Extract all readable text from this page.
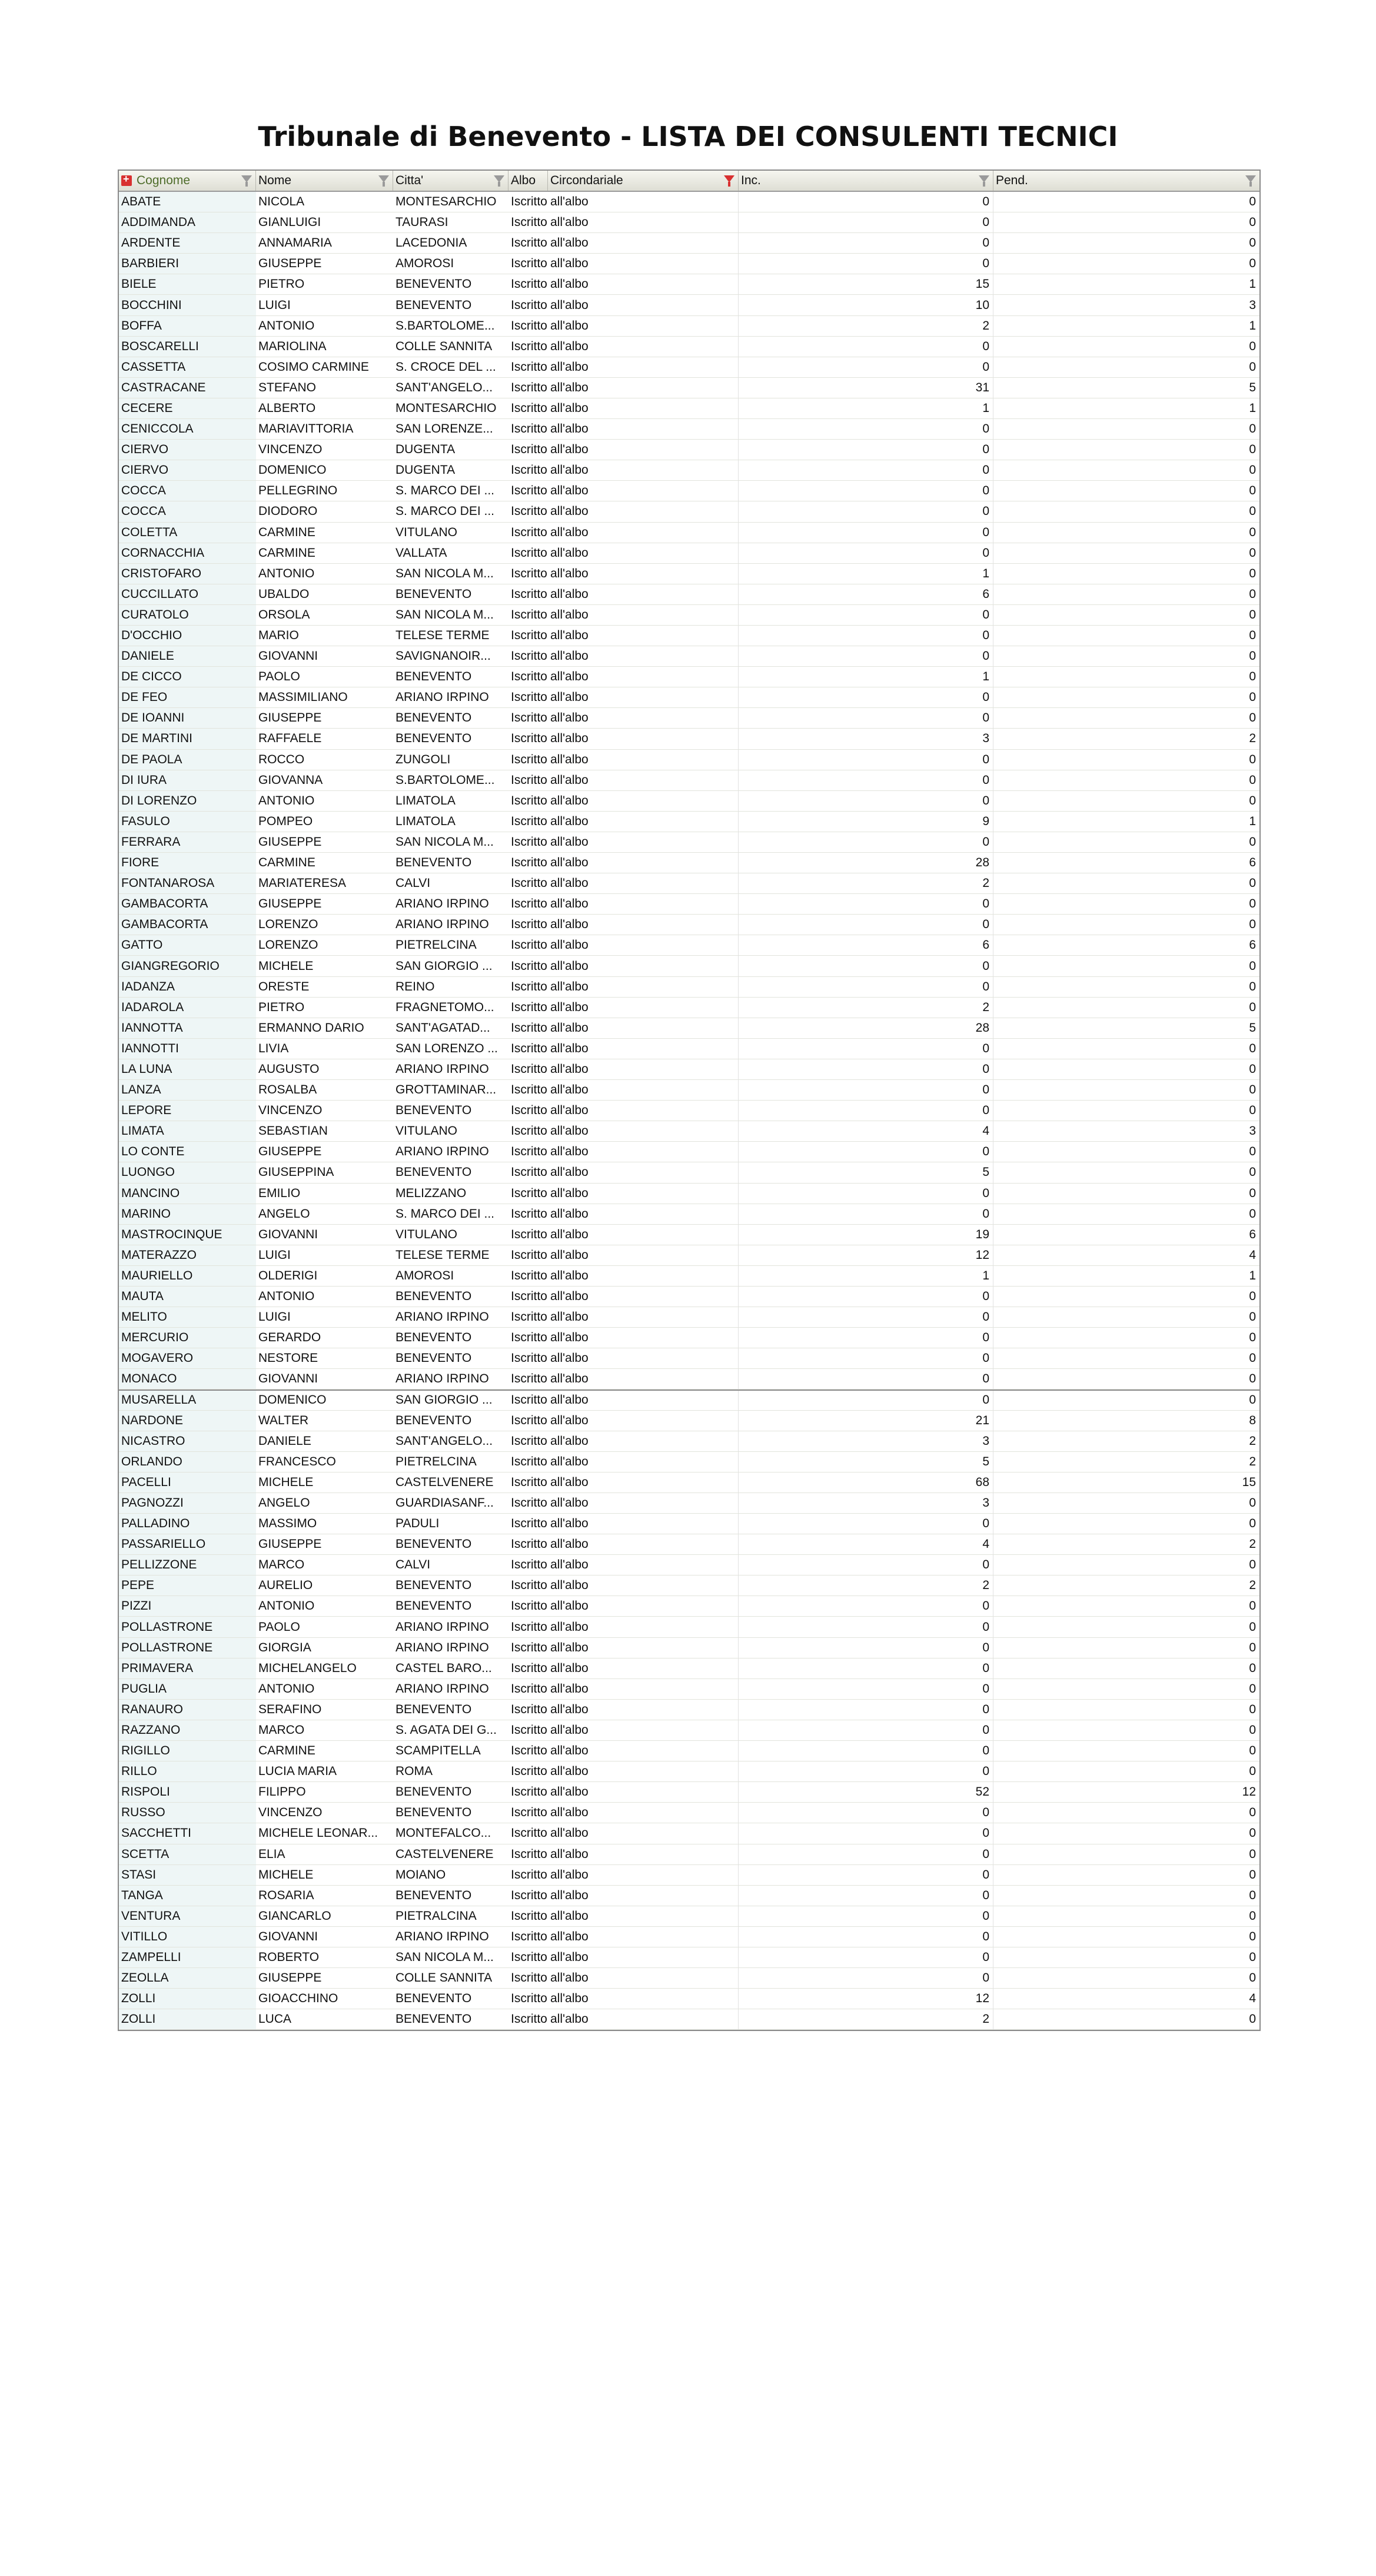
Tribunale di Benevento - LISTA DEI CONSULENTI TECNICI
+
Cognome	Nome	Citta'	Albo Circondariale	Inc.	Pend.
ABATE	NICOLA	MONTESARCHIO	Iscritto all'albo	0	0
ADDIMANDA	GIANLUIGI	TAURASI	Iscritto all'albo	0	0
ARDENTE	ANNAMARIA	LACEDONIA	Iscritto all'albo	0	0
BARBIERI	GIUSEPPE	AMOROSI	Iscritto all'albo	0	0
BIELE	PIETRO	BENEVENTO	Iscritto all'albo	15	1
BOCCHINI	LUIGI	BENEVENTO	Iscritto all'albo	10	3
BOFFA	ANTONIO	S.BARTOLOME...	Iscritto all'albo	2	1
BOSCARELLI	MARIOLINA	COLLE SANNITA	Iscritto all'albo	0	0
CASSETTA	COSIMO CARMINE	S. CROCE DEL ...	Iscritto all'albo	0	0
CASTRACANE	STEFANO	SANT'ANGELO...	Iscritto all'albo	31	5
CECERE	ALBERTO	MONTESARCHIO	Iscritto all'albo	1	1
CENICCOLA	MARIAVITTORIA	SAN LORENZE...	Iscritto all'albo	0	0
CIERVO	VINCENZO	DUGENTA	Iscritto all'albo	0	0
CIERVO	DOMENICO	DUGENTA	Iscritto all'albo	0	0
COCCA	PELLEGRINO	S. MARCO DEI ...	Iscritto all'albo	0	0
COCCA	DIODORO	S. MARCO DEI ...	Iscritto all'albo	0	0
COLETTA	CARMINE	VITULANO	Iscritto all'albo	0	0
CORNACCHIA	CARMINE	VALLATA	Iscritto all'albo	0	0
CRISTOFARO	ANTONIO	SAN NICOLA M...	Iscritto all'albo	1	0
CUCCILLATO	UBALDO	BENEVENTO	Iscritto all'albo	6	0
CURATOLO	ORSOLA	SAN NICOLA M...	Iscritto all'albo	0	0
D'OCCHIO	MARIO	TELESE TERME	Iscritto all'albo	0	0
DANIELE	GIOVANNI	SAVIGNANOIR...	Iscritto all'albo	0	0
DE CICCO	PAOLO	BENEVENTO	Iscritto all'albo	1	0
DE FEO	MASSIMILIANO	ARIANO IRPINO	Iscritto all'albo	0	0
DE IOANNI	GIUSEPPE	BENEVENTO	Iscritto all'albo	0	0
DE MARTINI	RAFFAELE	BENEVENTO	Iscritto all'albo	3	2
DE PAOLA	ROCCO	ZUNGOLI	Iscritto all'albo	0	0
DI IURA	GIOVANNA	S.BARTOLOME...	Iscritto all'albo	0	0
DI LORENZO	ANTONIO	LIMATOLA	Iscritto all'albo	0	0
FASULO	POMPEO	LIMATOLA	Iscritto all'albo	9	1
FERRARA	GIUSEPPE	SAN NICOLA M...	Iscritto all'albo	0	0
FIORE	CARMINE	BENEVENTO	Iscritto all'albo	28	6
FONTANAROSA	MARIATERESA	CALVI	Iscritto all'albo	2	0
GAMBACORTA	GIUSEPPE	ARIANO IRPINO	Iscritto all'albo	0	0
GAMBACORTA	LORENZO	ARIANO IRPINO	Iscritto all'albo	0	0
GATTO	LORENZO	PIETRELCINA	Iscritto all'albo	6	6
GIANGREGORIO	MICHELE	SAN GIORGIO ...	Iscritto all'albo	0	0
IADANZA	ORESTE	REINO	Iscritto all'albo	0	0
IADAROLA	PIETRO	FRAGNETOMO...	Iscritto all'albo	2	0
IANNOTTA	ERMANNO DARIO	SANT'AGATAD...	Iscritto all'albo	28	5
IANNOTTI	LIVIA	SAN LORENZO ...	Iscritto all'albo	0	0
LA LUNA	AUGUSTO	ARIANO IRPINO	Iscritto all'albo	0	0
LANZA	ROSALBA	GROTTAMINAR...	Iscritto all'albo	0	0
LEPORE	VINCENZO	BENEVENTO	Iscritto all'albo	0	0
LIMATA	SEBASTIAN	VITULANO	Iscritto all'albo	4	3
LO CONTE	GIUSEPPE	ARIANO IRPINO	Iscritto all'albo	0	0
LUONGO	GIUSEPPINA	BENEVENTO	Iscritto all'albo	5	0
MANCINO	EMILIO	MELIZZANO	Iscritto all'albo	0	0
MARINO	ANGELO	S. MARCO DEI ...	Iscritto all'albo	0	0
MASTROCINQUE	GIOVANNI	VITULANO	Iscritto all'albo	19	6
MATERAZZO	LUIGI	TELESE TERME	Iscritto all'albo	12	4
MAURIELLO	OLDERIGI	AMOROSI	Iscritto all'albo	1	1
MAUTA	ANTONIO	BENEVENTO	Iscritto all'albo	0	0
MELITO	LUIGI	ARIANO IRPINO	Iscritto all'albo	0	0
MERCURIO	GERARDO	BENEVENTO	Iscritto all'albo	0	0
MOGAVERO	NESTORE	BENEVENTO	Iscritto all'albo	0	0
MONACO	GIOVANNI	ARIANO IRPINO	Iscritto all'albo	0	0
MUSARELLA	DOMENICO	SAN GIORGIO ...	Iscritto all'albo	0	0
NARDONE	WALTER	BENEVENTO	Iscritto all'albo	21	8
NICASTRO	DANIELE	SANT'ANGELO...	Iscritto all'albo	3	2
ORLANDO	FRANCESCO	PIETRELCINA	Iscritto all'albo	5	2
PACELLI	MICHELE	CASTELVENERE	Iscritto all'albo	68	15
PAGNOZZI	ANGELO	GUARDIASANF...	Iscritto all'albo	3	0
PALLADINO	MASSIMO	PADULI	Iscritto all'albo	0	0
PASSARIELLO	GIUSEPPE	BENEVENTO	Iscritto all'albo	4	2
PELLIZZONE	MARCO	CALVI	Iscritto all'albo	0	0
PEPE	AURELIO	BENEVENTO	Iscritto all'albo	2	2
PIZZI	ANTONIO	BENEVENTO	Iscritto all'albo	0	0
POLLASTRONE	PAOLO	ARIANO IRPINO	Iscritto all'albo	0	0
POLLASTRONE	GIORGIA	ARIANO IRPINO	Iscritto all'albo	0	0
PRIMAVERA	MICHELANGELO	CASTEL BARO...	Iscritto all'albo	0	0
PUGLIA	ANTONIO	ARIANO IRPINO	Iscritto all'albo	0	0
RANAURO	SERAFINO	BENEVENTO	Iscritto all'albo	0	0
RAZZANO	MARCO	S. AGATA DEI G...	Iscritto all'albo	0	0
RIGILLO	CARMINE	SCAMPITELLA	Iscritto all'albo	0	0
RILLO	LUCIA MARIA	ROMA	Iscritto all'albo	0	0
RISPOLI	FILIPPO	BENEVENTO	Iscritto all'albo	52	12
RUSSO	VINCENZO	BENEVENTO	Iscritto all'albo	0	0
SACCHETTI	MICHELE LEONAR...	MONTEFALCO...	Iscritto all'albo	0	0
SCETTA	ELIA	CASTELVENERE	Iscritto all'albo	0	0
STASI	MICHELE	MOIANO	Iscritto all'albo	0	0
TANGA	ROSARIA	BENEVENTO	Iscritto all'albo	0	0
VENTURA	GIANCARLO	PIETRALCINA	Iscritto all'albo	0	0
VITILLO	GIOVANNI	ARIANO IRPINO	Iscritto all'albo	0	0
ZAMPELLI	ROBERTO	SAN NICOLA M...	Iscritto all'albo	0	0
ZEOLLA	GIUSEPPE	COLLE SANNITA	Iscritto all'albo	0	0
ZOLLI	GIOACCHINO	BENEVENTO	Iscritto all'albo	12	4
ZOLLI	LUCA	BENEVENTO	Iscritto all'albo	2	0
